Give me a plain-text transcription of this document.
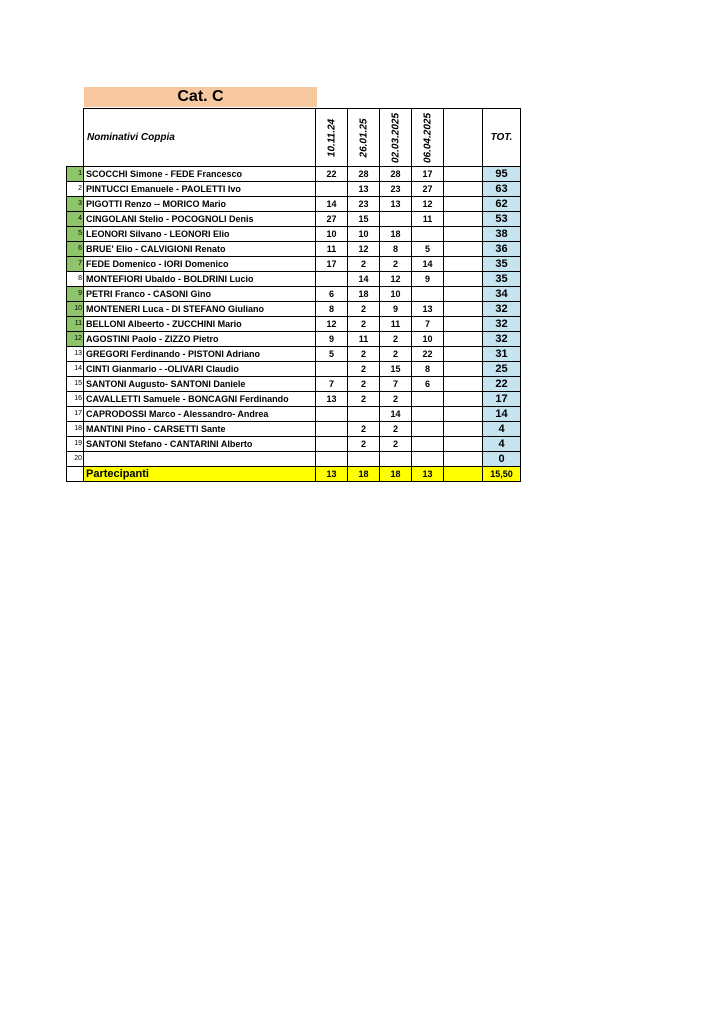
Cat. C
	Nominativi Coppia	10.11.24	26.01.25	02.03.2025	06.04.2025		TOT.
1	SCOCCHI Simone - FEDE Francesco	22	28	28	17		95
2	PINTUCCI Emanuele - PAOLETTI Ivo		13	23	27		63
3	PIGOTTI Renzo -- MORICO Mario	14	23	13	12		62
4	CINGOLANI Stelio - POCOGNOLI Denis	27	15		11		53
5	LEONORI Silvano - LEONORI Elio	10	10	18			38
6	BRUE' Elio - CALVIGIONI Renato	11	12	8	5		36
7	FEDE Domenico - IORI Domenico	17	2	2	14		35
8	MONTEFIORI Ubaldo - BOLDRINI Lucio		14	12	9		35
9	PETRI Franco - CASONI Gino	6	18	10			34
10	MONTENERI Luca - DI STEFANO Giuliano	8	2	9	13		32
11	BELLONI Albeerto - ZUCCHINI Mario	12	2	11	7		32
12	AGOSTINI Paolo - ZIZZO Pietro	9	11	2	10		32
13	GREGORI Ferdinando - PISTONI Adriano	5	2	2	22		31
14	CINTI Gianmario - -OLIVARI Claudio		2	15	8		25
15	SANTONI Augusto- SANTONI Daniele	7	2	7	6		22
16	CAVALLETTI Samuele - BONCAGNI Ferdinando	13	2	2			17
17	CAPRODOSSI Marco - Alessandro- Andrea			14			14
18	MANTINI Pino - CARSETTI Sante		2	2			4
19	SANTONI Stefano - CANTARINI Alberto		2	2			4
20							0
	Partecipanti	13	18	18	13		15,50
